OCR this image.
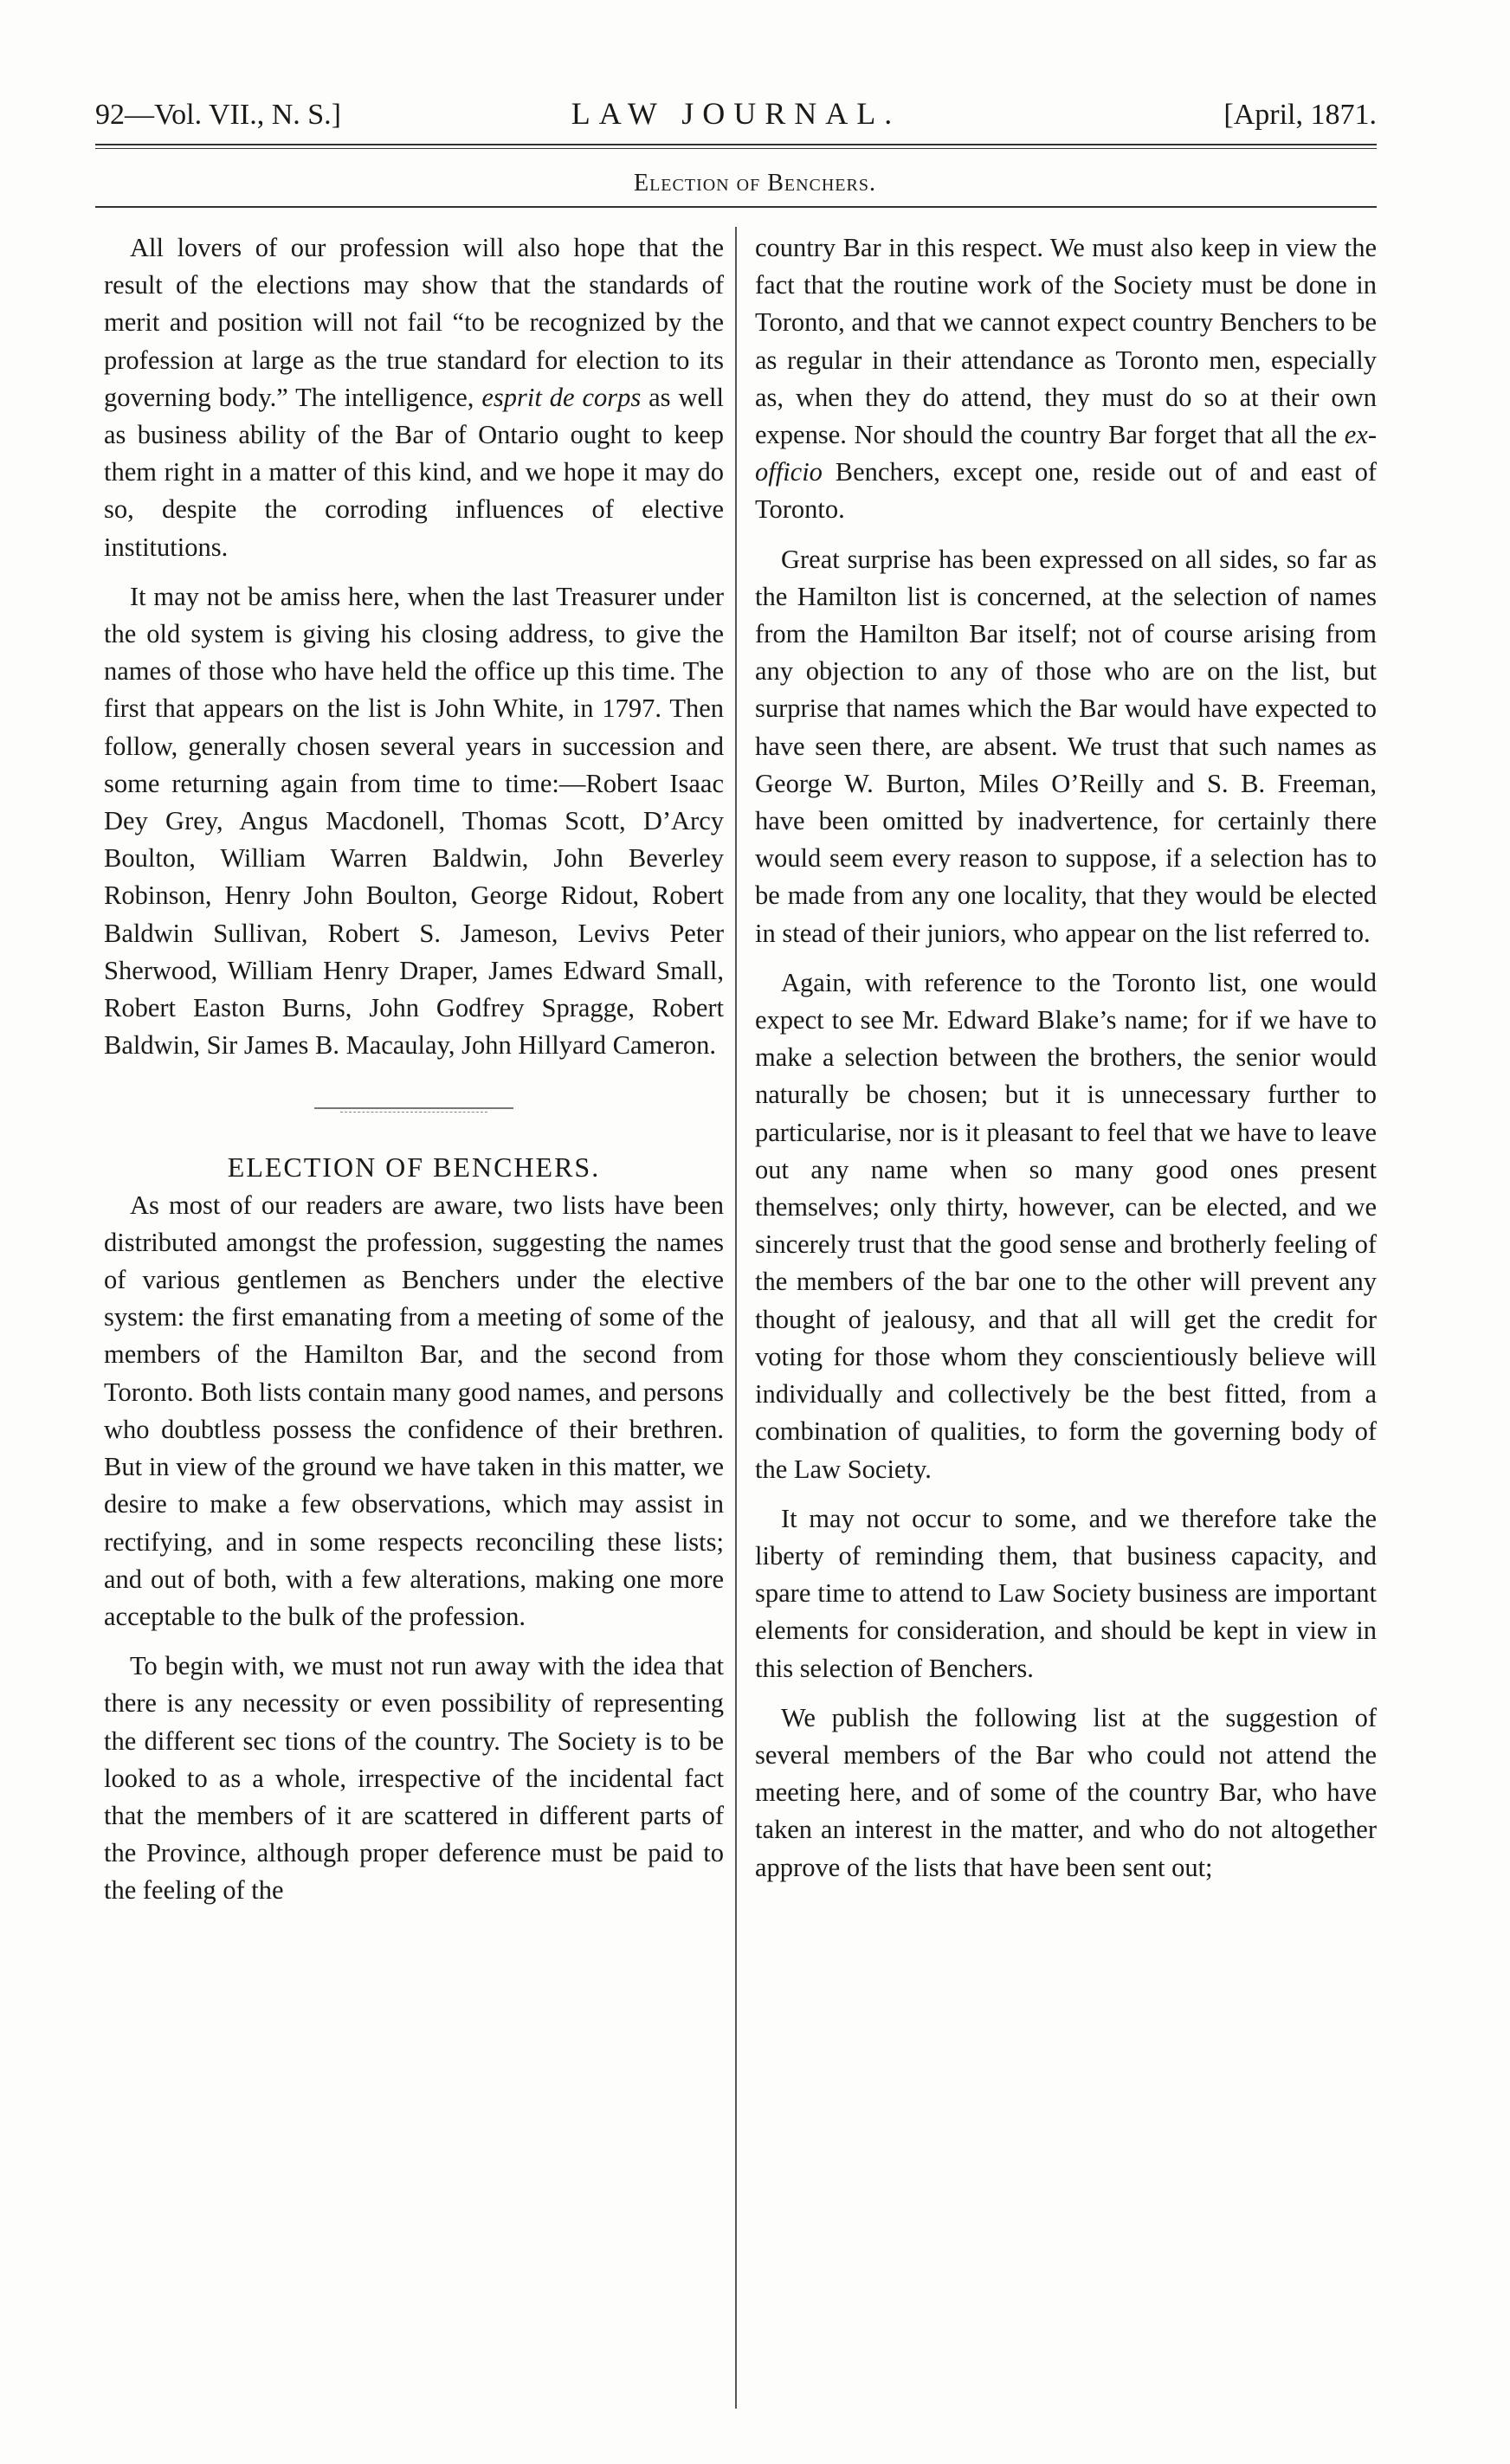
92—Vol. VII., N. S.]	LAW JOURNAL.	[April, 1871.
Election of Benchers.

All lovers of our profession will also hope that the result of the elections may show that the standards of merit and position will not fail “to be recognized by the profession at large as the true standard for election to its governing body.” The intelligence, esprit de corps as well as business ability of the Bar of Ontario ought to keep them right in a matter of this kind, and we hope it may do so, despite the corroding influences of elective institutions.

It may not be amiss here, when the last Treasurer under the old system is giving his closing address, to give the names of those who have held the office up this time. The first that appears on the list is John White, in 1797. Then follow, generally chosen several years in succession and some returning again from time to time:—Robert Isaac Dey Grey, Angus Macdonell, Thomas Scott, D’Arcy Boulton, William Warren Baldwin, John Beverley Robinson, Henry John Boulton, George Ridout, Robert Baldwin Sullivan, Robert S. Jameson, Levivs Peter Sherwood, William Henry Draper, James Edward Small, Robert Easton Burns, John Godfrey Spragge, Robert Baldwin, Sir James B. Macaulay, John Hillyard Cameron.

ELECTION OF BENCHERS.

As most of our readers are aware, two lists have been distributed amongst the profession, suggesting the names of various gentlemen as Benchers under the elective system: the first emanating from a meeting of some of the members of the Hamilton Bar, and the second from Toronto. Both lists contain many good names, and persons who doubtless possess the confidence of their brethren. But in view of the ground we have taken in this matter, we desire to make a few observations, which may assist in rectifying, and in some respects reconciling these lists; and out of both, with a few alterations, making one more acceptable to the bulk of the profession.

To begin with, we must not run away with the idea that there is any necessity or even possibility of representing the different sec tions of the country. The Society is to be looked to as a whole, irrespective of the incidental fact that the members of it are scattered in different parts of the Province, although proper deference must be paid to the feeling of the

country Bar in this respect. We must also keep in view the fact that the routine work of the Society must be done in Toronto, and that we cannot expect country Benchers to be as regular in their attendance as Toronto men, especially as, when they do attend, they must do so at their own expense. Nor should the country Bar forget that all the ex-officio Benchers, except one, reside out of and east of Toronto.

Great surprise has been expressed on all sides, so far as the Hamilton list is concerned, at the selection of names from the Hamilton Bar itself; not of course arising from any objection to any of those who are on the list, but surprise that names which the Bar would have expected to have seen there, are absent. We trust that such names as George W. Burton, Miles O’Reilly and S. B. Freeman, have been omitted by inadvertence, for certainly there would seem every reason to suppose, if a selection has to be made from any one locality, that they would be elected in stead of their juniors, who appear on the list referred to.

Again, with reference to the Toronto list, one would expect to see Mr. Edward Blake’s name; for if we have to make a selection between the brothers, the senior would naturally be chosen; but it is unnecessary further to particularise, nor is it pleasant to feel that we have to leave out any name when so many good ones present themselves; only thirty, however, can be elected, and we sincerely trust that the good sense and brotherly feeling of the members of the bar one to the other will prevent any thought of jealousy, and that all will get the credit for voting for those whom they conscientiously believe will individually and collectively be the best fitted, from a combination of qualities, to form the governing body of the Law Society.

It may not occur to some, and we therefore take the liberty of reminding them, that business capacity, and spare time to attend to Law Society business are important elements for consideration, and should be kept in view in this selection of Benchers.

We publish the following list at the suggestion of several members of the Bar who could not attend the meeting here, and of some of the country Bar, who have taken an interest in the matter, and who do not altogether approve of the lists that have been sent out;
